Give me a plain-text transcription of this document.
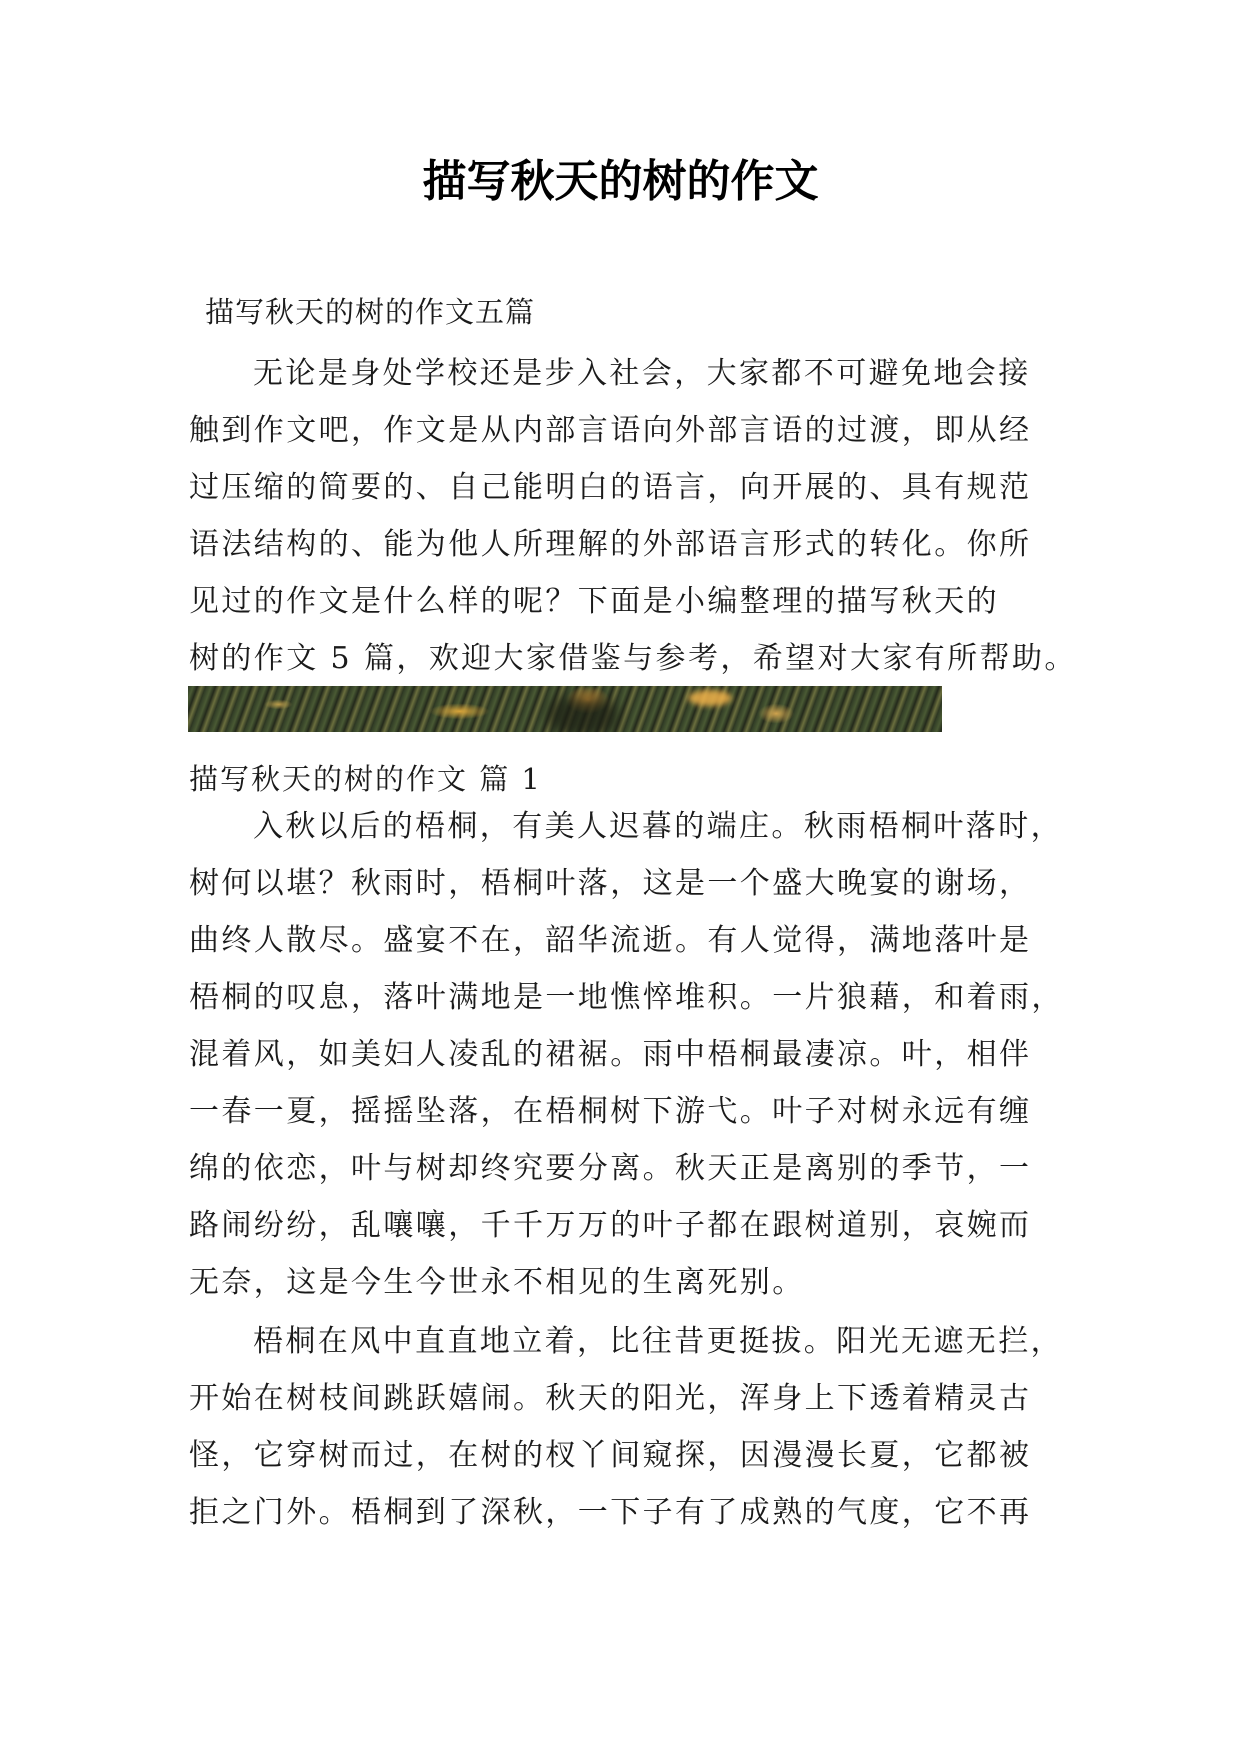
描写秋天的树的作文
描写秋天的树的作文五篇
无论是身处学校还是步入社会，大家都不可避免地会接
触到作文吧，作文是从内部言语向外部言语的过渡，即从经
过压缩的简要的、自己能明白的语言，向开展的、具有规范
语法结构的、能为他人所理解的外部语言形式的转化。你所
见过的作文是什么样的呢？下面是小编整理的描写秋天的
树的作文 5 篇，欢迎大家借鉴与参考，希望对大家有所帮助。
描写秋天的树的作文 篇 1
入秋以后的梧桐，有美人迟暮的端庄。秋雨梧桐叶落时，
树何以堪？秋雨时，梧桐叶落，这是一个盛大晚宴的谢场，
曲终人散尽。盛宴不在，韶华流逝。有人觉得，满地落叶是
梧桐的叹息，落叶满地是一地憔悴堆积。一片狼藉，和着雨，
混着风，如美妇人凌乱的裙裾。雨中梧桐最凄凉。叶，相伴
一春一夏，摇摇坠落，在梧桐树下游弋。叶子对树永远有缠
绵的依恋，叶与树却终究要分离。秋天正是离别的季节，一
路闹纷纷，乱嚷嚷，千千万万的叶子都在跟树道别，哀婉而
无奈，这是今生今世永不相见的生离死别。
梧桐在风中直直地立着，比往昔更挺拔。阳光无遮无拦，
开始在树枝间跳跃嬉闹。秋天的阳光，浑身上下透着精灵古
怪，它穿树而过，在树的杈丫间窥探，因漫漫长夏，它都被
拒之门外。梧桐到了深秋，一下子有了成熟的气度，它不再
